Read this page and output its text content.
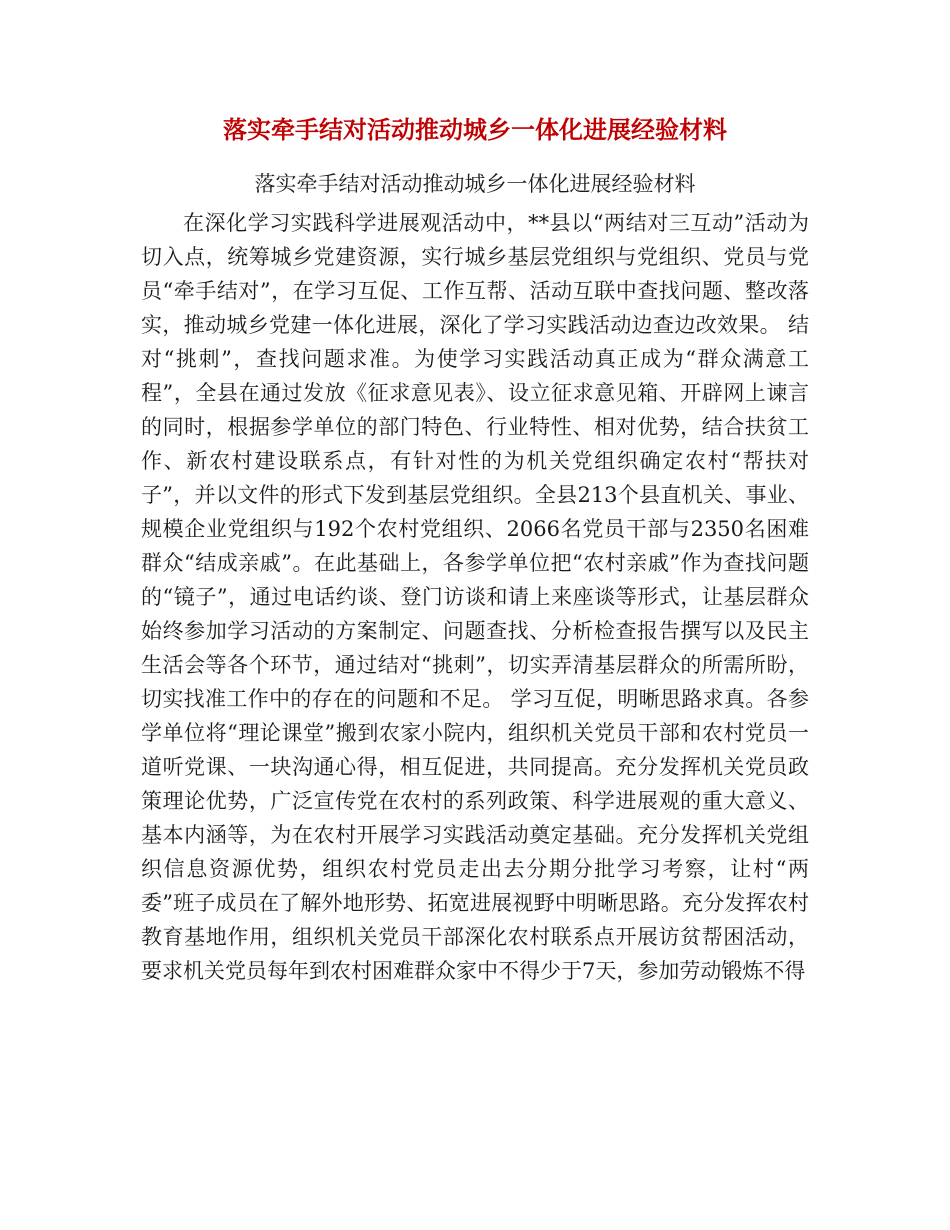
落实牵手结对活动推动城乡一体化进展经验材料

落实牵手结对活动推动城乡一体化进展经验材料

在深化学习实践科学进展观活动中，**县以“两结对三互动”活动为切入点，统筹城乡党建资源，实行城乡基层党组织与党组织、党员与党员“牵手结对”，在学习互促、工作互帮、活动互联中查找问题、整改落实，推动城乡党建一体化进展，深化了学习实践活动边查边改效果。 结对“挑刺”，查找问题求准。为使学习实践活动真正成为“群众满意工程”，全县在通过发放《征求意见表》、设立征求意见箱、开辟网上谏言的同时，根据参学单位的部门特色、行业特性、相对优势，结合扶贫工作、新农村建设联系点，有针对性的为机关党组织确定农村“帮扶对子”，并以文件的形式下发到基层党组织。全县213个县直机关、事业、规模企业党组织与192个农村党组织、2066名党员干部与2350名困难群众“结成亲戚”。在此基础上，各参学单位把“农村亲戚”作为查找问题的“镜子”，通过电话约谈、登门访谈和请上来座谈等形式，让基层群众始终参加学习活动的方案制定、问题查找、分析检查报告撰写以及民主生活会等各个环节，通过结对“挑刺”，切实弄清基层群众的所需所盼，切实找准工作中的存在的问题和不足。 学习互促，明晰思路求真。各参学单位将“理论课堂”搬到农家小院内，组织机关党员干部和农村党员一道听党课、一块沟通心得，相互促进，共同提高。充分发挥机关党员政策理论优势，广泛宣传党在农村的系列政策、科学进展观的重大意义、基本内涵等，为在农村开展学习实践活动奠定基础。充分发挥机关党组织信息资源优势，组织农村党员走出去分期分批学习考察，让村“两委”班子成员在了解外地形势、拓宽进展视野中明晰思路。充分发挥农村教育基地作用，组织机关党员干部深化农村联系点开展访贫帮困活动，要求机关党员每年到农村困难群众家中不得少于7天，参加劳动锻炼不得
